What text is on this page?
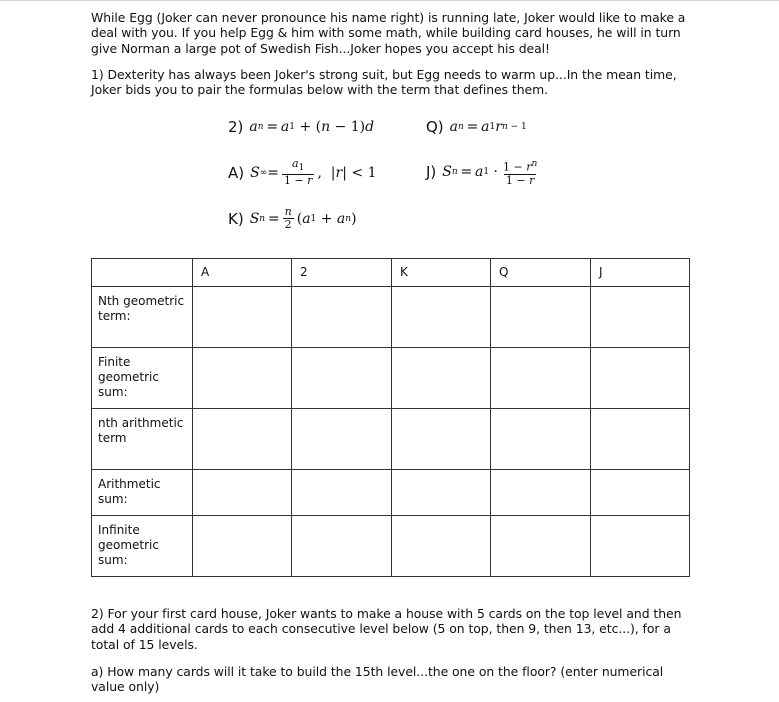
While Egg (Joker can never pronounce his name right) is running late, Joker would like to make a deal with you. If you help Egg & him with some math, while building card houses, he will in turn give Norman a large pot of Swedish Fish...Joker hopes you accept his deal!
1) Dexterity has always been Joker's strong suit, but Egg needs to warm up...In the mean time, Joker bids you to pair the formulas below with the term that defines them.
2) a n
  =  a 1
+
( n −
1) d	Q) a n
  =  a 1 r n − 1
A) S ∞ = $\frac{a_1}{1 - r}$ ,
| r |
< 1	J) S n
  =  a 1
· $\frac{1 - r^n}{1 - r}$
K) S n
  = $\frac{n}{2}$ ( a 1
+ a n )
	A	2	K	Q	J
Nth geometric term:					
Finite geometric sum:					
nth arithmetic term					
Arithmetic sum:					
Infinite geometric sum:					
2) For your first card house, Joker wants to make a house with 5 cards on the top level and then add 4 additional cards to each consecutive level below (5 on top, then 9, then 13, etc...), for a total of 15 levels.
a) How many cards will it take to build the 15th level...the one on the floor? (enter numerical value only)
